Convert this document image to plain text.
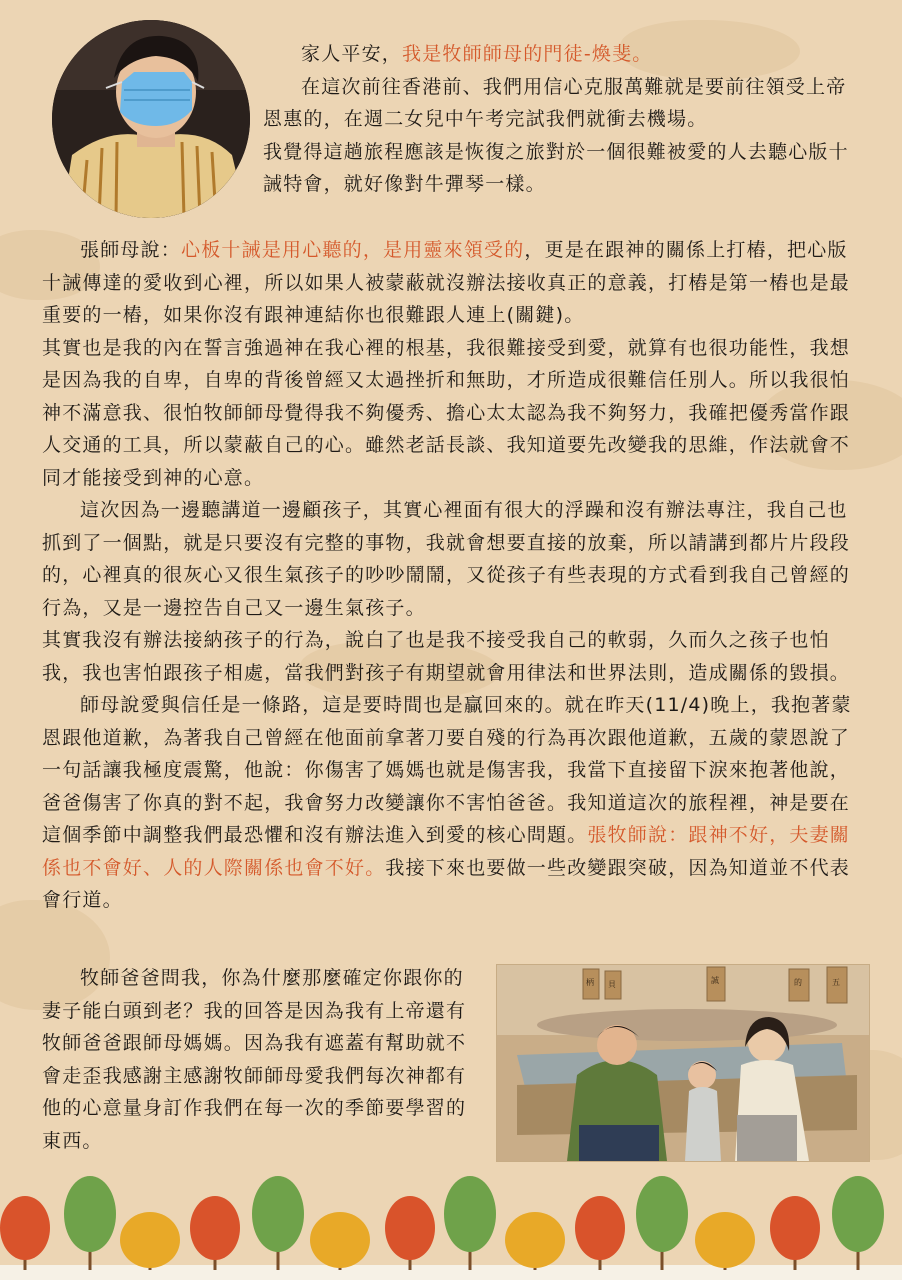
家人平安，我是牧師師母的門徒-煥斐。

在這次前往香港前、我們用信心克服萬難就是要前往領受上帝恩惠的，在週二女兒中午考完試我們就衝去機場。

我覺得這趟旅程應該是恢復之旅對於一個很難被愛的人去聽心版十誡特會，就好像對牛彈琴一樣。

張師母說：心板十誡是用心聽的，是用靈來領受的，更是在跟神的關係上打樁，把心版十誡傳達的愛收到心裡，所以如果人被蒙蔽就沒辦法接收真正的意義，打樁是第一樁也是最重要的一樁，如果你沒有跟神連結你也很難跟人連上(關鍵)。

其實也是我的內在誓言強過神在我心裡的根基，我很難接受到愛，就算有也很功能性，我想是因為我的自卑，自卑的背後曾經又太過挫折和無助，才所造成很難信任別人。所以我很怕神不滿意我、很怕牧師師母覺得我不夠優秀、擔心太太認為我不夠努力，我確把優秀當作跟人交通的工具，所以蒙蔽自己的心。雖然老話長談、我知道要先改變我的思維，作法就會不同才能接受到神的心意。

這次因為一邊聽講道一邊顧孩子，其實心裡面有很大的浮躁和沒有辦法專注，我自己也抓到了一個點，就是只要沒有完整的事物，我就會想要直接的放棄，所以請講到都片片段段的，心裡真的很灰心又很生氣孩子的吵吵鬧鬧，又從孩子有些表現的方式看到我自己曾經的行為，又是一邊控告自己又一邊生氣孩子。

其實我沒有辦法接納孩子的行為，說白了也是我不接受我自己的軟弱，久而久之孩子也怕我，我也害怕跟孩子相處，當我們對孩子有期望就會用律法和世界法則，造成關係的毀損。

師母說愛與信任是一條路，這是要時間也是贏回來的。就在昨天(11/4)晚上，我抱著蒙恩跟他道歉，為著我自己曾經在他面前拿著刀要自殘的行為再次跟他道歉，五歲的蒙恩說了一句話讓我極度震驚，他說：你傷害了媽媽也就是傷害我，我當下直接留下淚來抱著他說，爸爸傷害了你真的對不起，我會努力改變讓你不害怕爸爸。我知道這次的旅程裡，神是要在這個季節中調整我們最恐懼和沒有辦法進入到愛的核心問題。張牧師說：跟神不好，夫妻關係也不會好、人的人際關係也會不好。我接下來也要做一些改變跟突破，因為知道並不代表會行道。

牧師爸爸問我，你為什麼那麼確定你跟你的妻子能白頭到老？我的回答是因為我有上帝還有牧師爸爸跟師母媽媽。因為我有遮蓋有幫助就不會走歪我感謝主感謝牧師師母愛我們每次神都有他的心意量身訂作我們在每一次的季節要學習的東西。

柄 貝	誠	的	五
